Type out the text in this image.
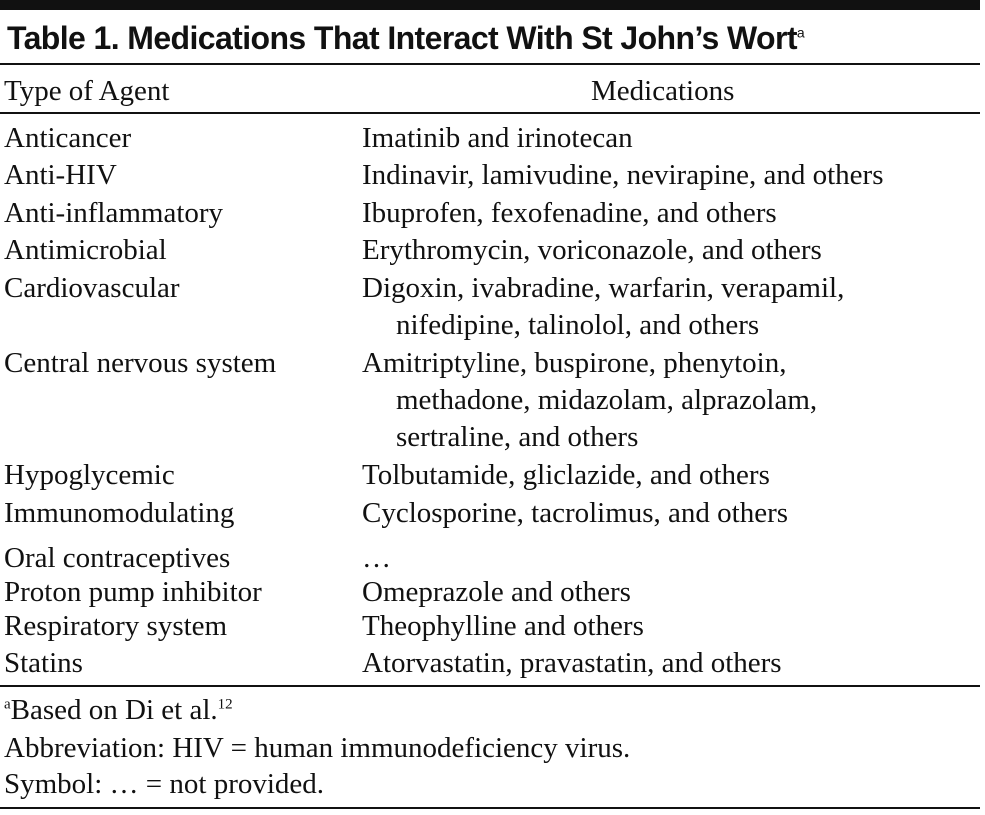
Table 1. Medications That Interact With St John’s Wort$^a$
Type of Agent	Medications
Anticancer	Imatinib and irinotecan
Anti-HIV	Indinavir, lamivudine, nevirapine, and others
Anti-inflammatory	Ibuprofen, fexofenadine, and others
Antimicrobial	Erythromycin, voriconazole, and others
Cardiovascular	Digoxin, ivabradine, warfarin, verapamil,
nifedipine, talinolol, and others
Central nervous system	Amitriptyline, buspirone, phenytoin,
methadone, midazolam, alprazolam,
sertraline, and others
Hypoglycemic	Tolbutamide, gliclazide, and others
Immunomodulating	Cyclosporine, tacrolimus, and others
Oral contraceptives	…
Proton pump inhibitor	Omeprazole and others
Respiratory system	Theophylline and others
Statins	Atorvastatin, pravastatin, and others
$^a$Based on Di et al.$^{12}$
Abbreviation: HIV = human immunodeficiency virus.
Symbol: … = not provided.
